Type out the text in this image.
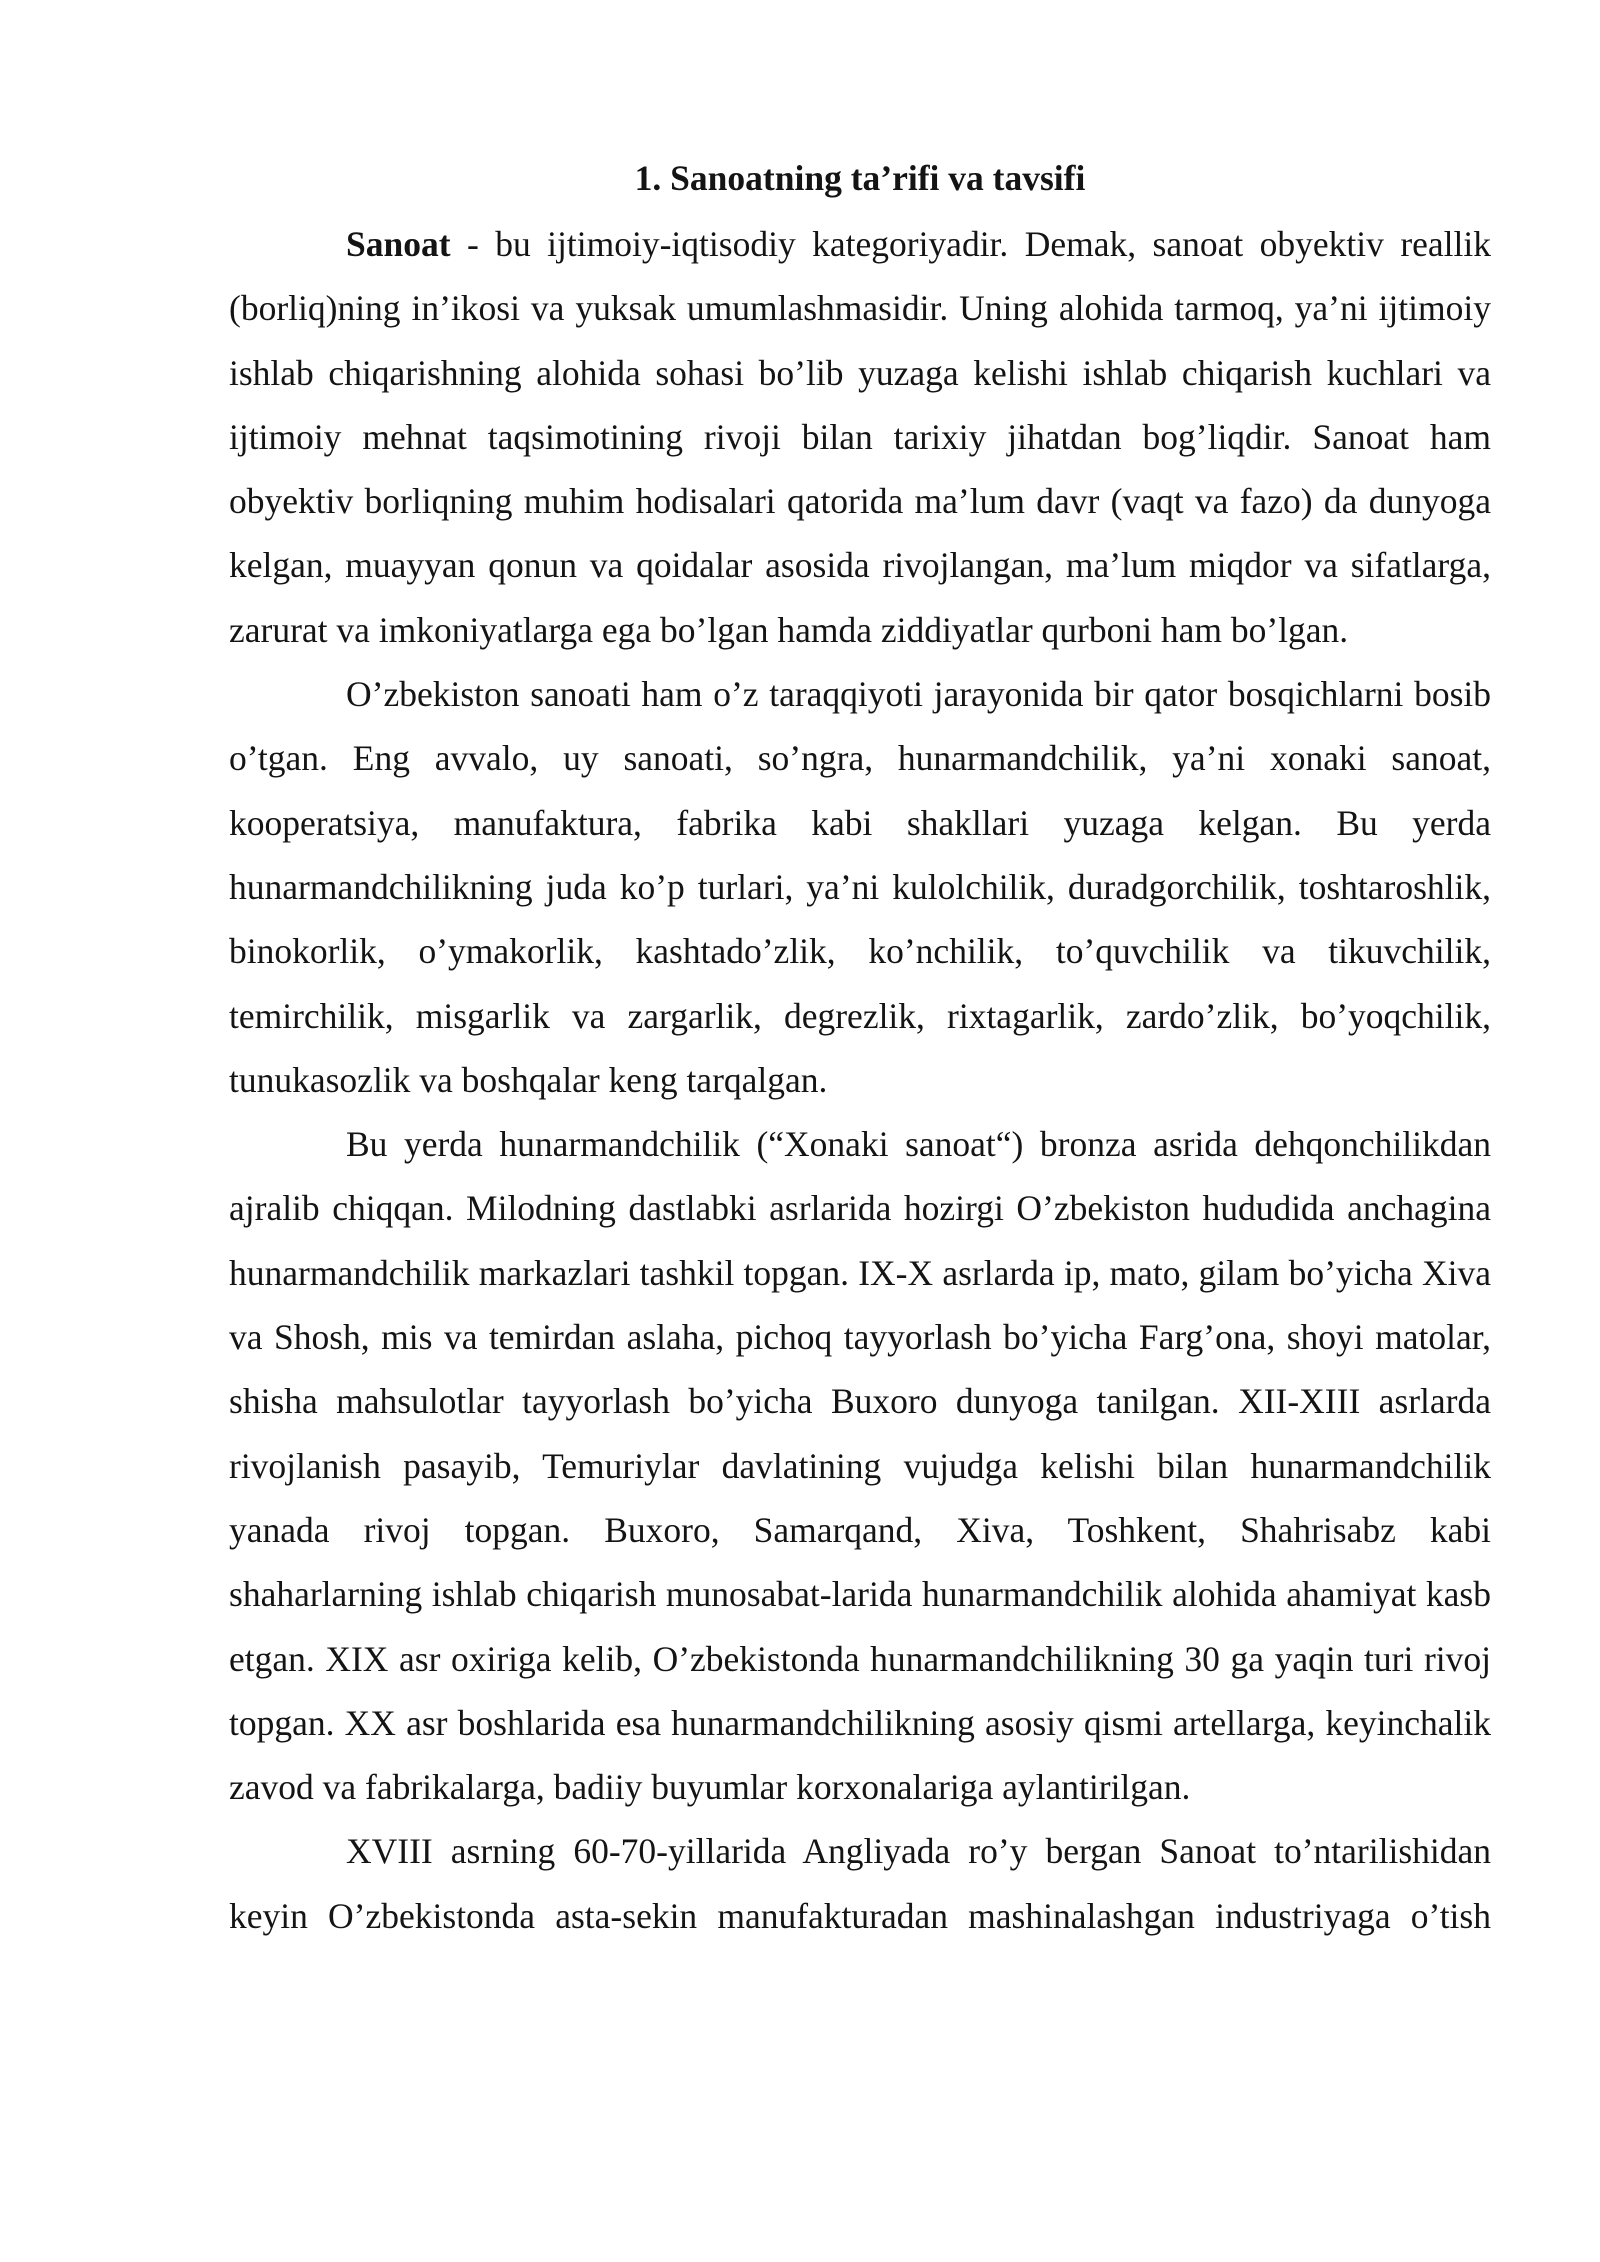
1. Sanoatning ta’rifi va tavsifi

Sanoat - bu ijtimoiy-iqtisodiy kategoriyadir. Demak, sanoat obyektiv reallik (borliq)ning in’ikosi va yuksak umumlashmasidir. Uning alohida tarmoq, ya’ni ijtimoiy ishlab chiqarishning alohida sohasi bo’lib yuzaga kelishi ishlab chiqarish kuchlari va ijtimoiy mehnat taqsimotining rivoji bilan tarixiy jihatdan bog’liqdir. Sanoat ham obyektiv borliqning muhim hodisalari qatorida ma’lum davr (vaqt va fazo) da dunyoga kelgan, muayyan qonun va qoidalar asosida rivojlangan, ma’lum miqdor va sifatlarga, zarurat va imkoniyatlarga ega bo’lgan hamda ziddiyatlar qurboni ham bo’lgan.

O’zbekiston sanoati ham o’z taraqqiyoti jarayonida bir qator bosqichlarni bosib o’tgan. Eng avvalo, uy sanoati, so’ngra, hunarmandchilik, ya’ni xonaki sanoat, kooperatsiya, manufaktura, fabrika kabi shakllari yuzaga kelgan. Bu yerda hunarmandchilikning juda ko’p turlari, ya’ni kulolchilik, duradgorchilik, toshtaroshlik, binokorlik, o’ymakorlik, kashtado’zlik, ko’nchilik, to’quvchilik va tikuvchilik, temirchilik, misgarlik va zargarlik, degrezlik, rixtagarlik, zardo’zlik, bo’yoqchilik, tunukasozlik va boshqalar keng tarqalgan.

Bu yerda hunarmandchilik (“Xonaki sanoat“) bronza asrida dehqonchilikdan ajralib chiqqan. Milodning dastlabki asrlarida hozirgi O’zbekiston hududida anchagina hunarmandchilik markazlari tashkil topgan. IX-X asrlarda ip, mato, gilam bo’yicha Xiva va Shosh, mis va temirdan aslaha, pichoq tayyorlash bo’yicha Farg’ona, shoyi matolar, shisha mahsulotlar tayyorlash bo’yicha Buxoro dunyoga tanilgan. XII-XIII asrlarda rivojlanish pasayib, Temuriylar davlatining vujudga kelishi bilan hunarmandchilik yanada rivoj topgan. Buxoro, Samarqand, Xiva, Toshkent, Shahrisabz kabi shaharlarning ishlab chiqarish munosabat-larida hunarmandchilik alohida ahamiyat kasb etgan. XIX asr oxiriga kelib, O’zbekistonda hunarmandchilikning 30 ga yaqin turi rivoj topgan. XX asr boshlarida esa hunarmandchilikning asosiy qismi artellarga, keyinchalik zavod va fabrikalarga, badiiy buyumlar korxonalariga aylantirilgan.

XVIII asrning 60-70-yillarida Angliyada ro’y bergan Sanoat to’ntarilishidan keyin O’zbekistonda asta-sekin manufakturadan mashinalashgan industriyaga o’tish
